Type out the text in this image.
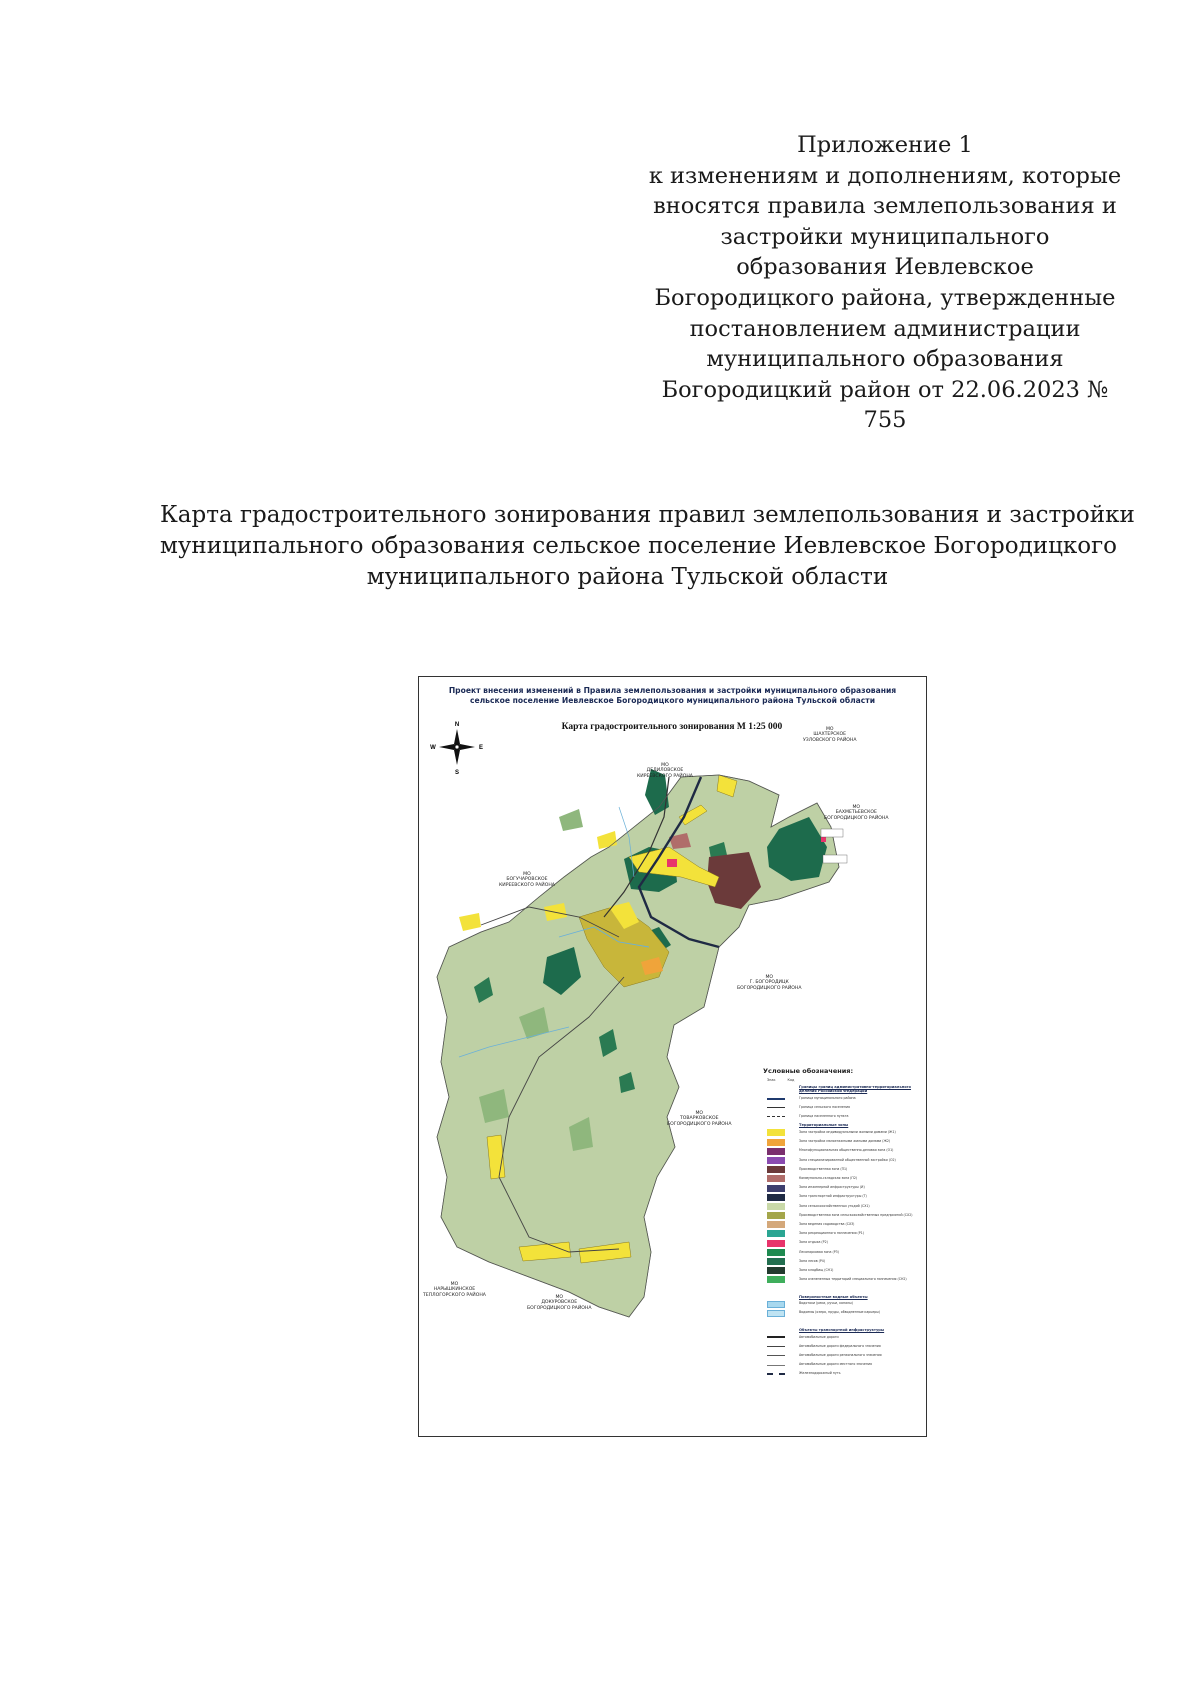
Приложение 1
к изменениям и дополнениям, которые
вносятся правила землепользования и
застройки муниципального
образования Иевлевское
Богородицкого района, утвержденные
постановлением администрации
муниципального образования
Богородицкий район от 22.06.2023 №
755
Карта градостроительного зонирования правил землепользования и застройки
муниципального образования сельское поселение Иевлевское Богородицкого
муниципального района Тульской области
Проект внесения изменений в Правила землепользования и застройки муниципального образования
сельское поселение Иевлевское Богородицкого муниципального района Тульской области
Карта градостроительного зонирования М 1:25 000
N
S
E
W
МО
ШАХТЕРСКОЕ
УЗЛОВСКОГО РАЙОНА
МО
ДЕДИЛОВСКОЕ
КИРЕЕВСКОГО РАЙОНА
МО
БАХМЕТЬЕВСКОЕ
БОГОРОДИЦКОГО РАЙОНА
МО
БОГУЧАРОВСКОЕ
КИРЕЕВСКОГО РАЙОНА
МО
Г. БОГОРОДИЦК
БОГОРОДИЦКОГО РАЙОНА
МО
ТОВАРКОВСКОЕ
БОГОРОДИЦКОГО РАЙОНА
МО
НАРЫШКИНСКОЕ
ТЕПЛОГОРСКОГО РАЙОНА	МО
ДОКУРОВСКОЕ
БОГОРОДИЦКОГО РАЙОНА
Условные обозначения:
Знак	Код
Границы границ административно-территориального деления Российской Федерации
Граница муниципального района
Граница сельского поселения
Граница населенного пункта
Территориальные зоны
Зона застройки индивидуальными жилыми домами (Ж1)
Зона застройки малоэтажными жилыми домами (Ж2)
Многофункциональная общественно-деловая зона (О1)
Зона специализированной общественной застройки (О2)
Производственная зона (П1)
Коммунально-складская зона (П2)
Зона инженерной инфраструктуры (И)
Зона транспортной инфраструктуры (Т)
Зона сельскохозяйственных угодий (СХ1)
Производственная зона сельскохозяйственных предприятий (СХ2)
Зона ведения садоводства (СХ3)
Зона рекреационного назначения (Р1)
Зона отдыха (Р2)
Лесопарковая зона (Р3)
Зона лесов (Р4)
Зона кладбищ (СН1)
Зона озелененных территорий специального назначения (СН2)
Поверхностные водные объекты
Водотоки (реки, ручьи, каналы)
Водоемы (озера, пруды, обводненные карьеры)
Объекты транспортной инфраструктуры
Автомобильные дороги
Автомобильные дороги федерального значения
Автомобильные дороги регионального значения
Автомобильные дороги местного значения
Железнодорожный путь
